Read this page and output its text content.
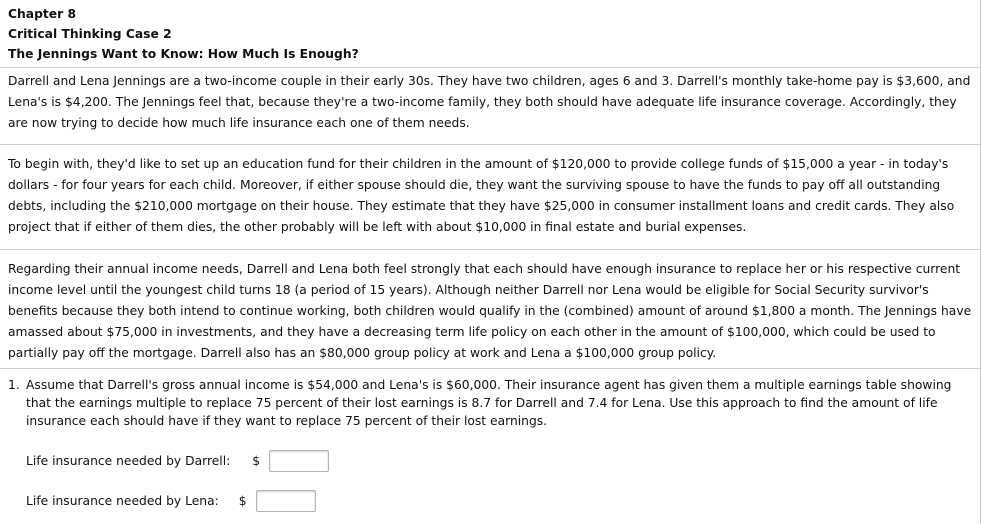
Chapter 8
Critical Thinking Case 2
The Jennings Want to Know: How Much Is Enough?

Darrell and Lena Jennings are a two-income couple in their early 30s. They have two children, ages 6 and 3. Darrell's monthly take-home pay is $3,600, and Lena's is $4,200. The Jennings feel that, because they're a two-income family, they both should have adequate life insurance coverage. Accordingly, they are now trying to decide how much life insurance each one of them needs.

To begin with, they'd like to set up an education fund for their children in the amount of $120,000 to provide college funds of $15,000 a year - in today's dollars - for four years for each child. Moreover, if either spouse should die, they want the surviving spouse to have the funds to pay off all outstanding debts, including the $210,000 mortgage on their house. They estimate that they have $25,000 in consumer installment loans and credit cards. They also project that if either of them dies, the other probably will be left with about $10,000 in final estate and burial expenses.

Regarding their annual income needs, Darrell and Lena both feel strongly that each should have enough insurance to replace her or his respective current income level until the youngest child turns 18 (a period of 15 years). Although neither Darrell nor Lena would be eligible for Social Security survivor's benefits because they both intend to continue working, both children would qualify in the (combined) amount of around $1,800 a month. The Jennings have amassed about $75,000 in investments, and they have a decreasing term life policy on each other in the amount of $100,000, which could be used to partially pay off the mortgage. Darrell also has an $80,000 group policy at work and Lena a $100,000 group policy.

1. Assume that Darrell's gross annual income is $54,000 and Lena's is $60,000. Their insurance agent has given them a multiple earnings table showing that the earnings multiple to replace 75 percent of their lost earnings is 8.7 for Darrell and 7.4 for Lena. Use this approach to find the amount of life insurance each should have if they want to replace 75 percent of their lost earnings.
Life insurance needed by Darrell: $
Life insurance needed by Lena: $
